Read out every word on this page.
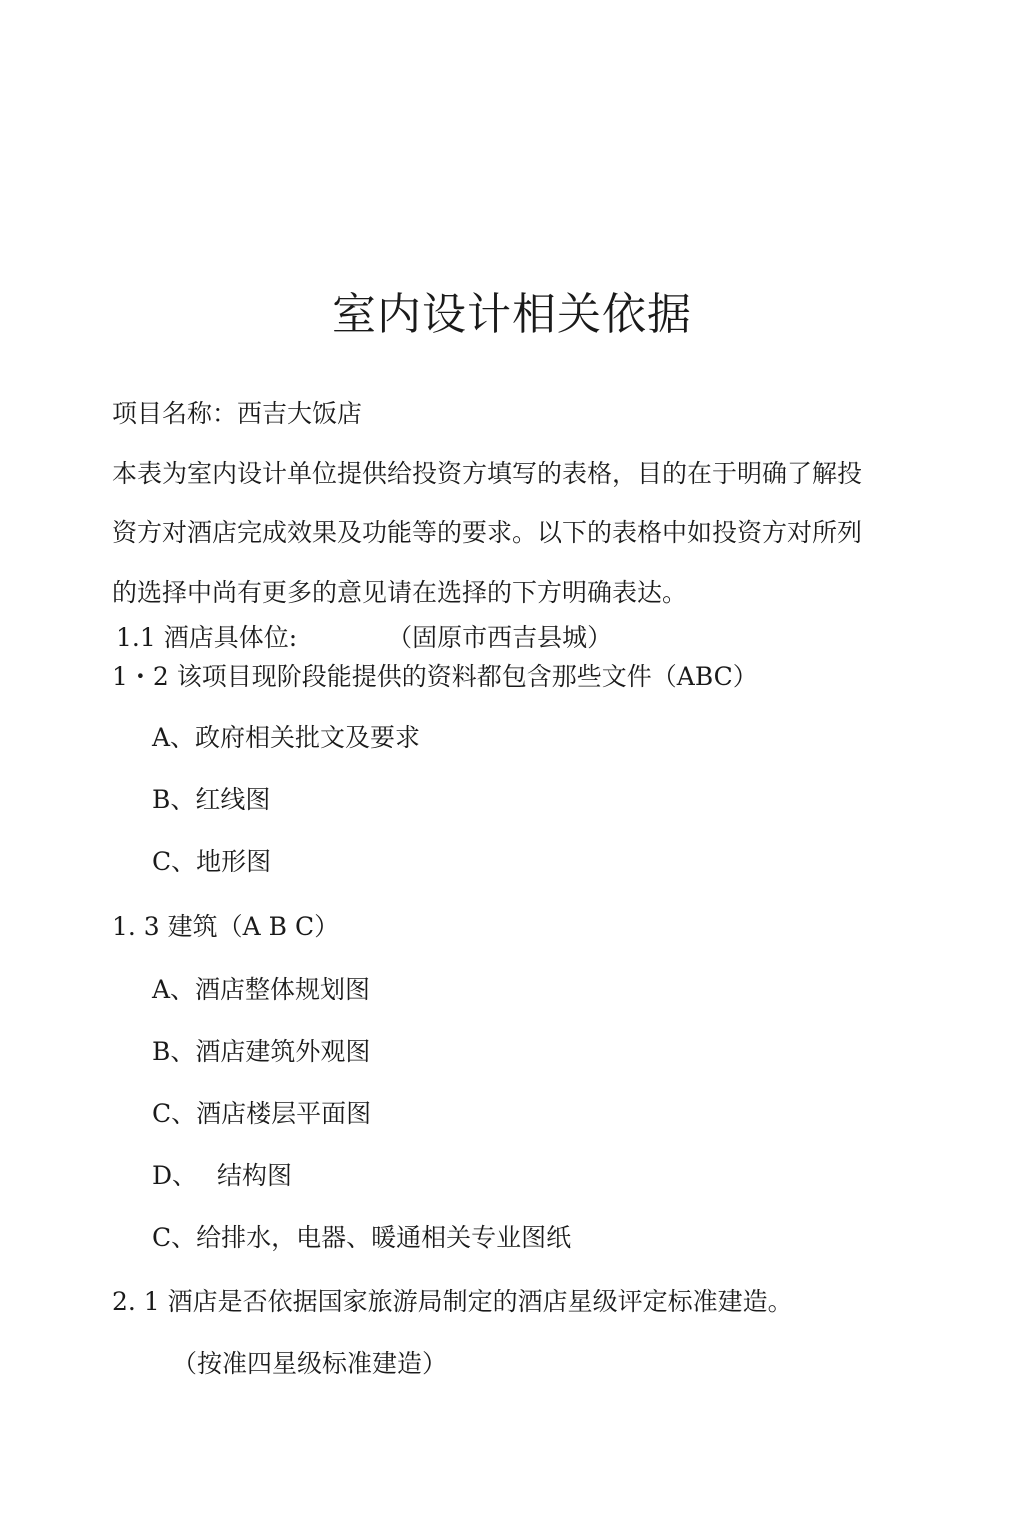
室内设计相关依据

项目名称：西吉大饭店

本表为室内设计单位提供给投资方填写的表格，目的在于明确了解投

资方对酒店完成效果及功能等的要求。以下的表格中如投资方对所列

的选择中尚有更多的意见请在选择的下方明确表达。

1.1 酒店具体位:	（固原市西吉县城）

1・2 该项目现阶段能提供的资料都包含那些文件（ABC）

A、政府相关批文及要求

B、红线图

C、地形图

1. 3 建筑（A B C）

A、酒店整体规划图

B、酒店建筑外观图

C、酒店楼层平面图

D、 结构图

C、给排水，电器、暖通相关专业图纸

2. 1 酒店是否依据国家旅游局制定的酒店星级评定标准建造。

（按准四星级标准建造）
